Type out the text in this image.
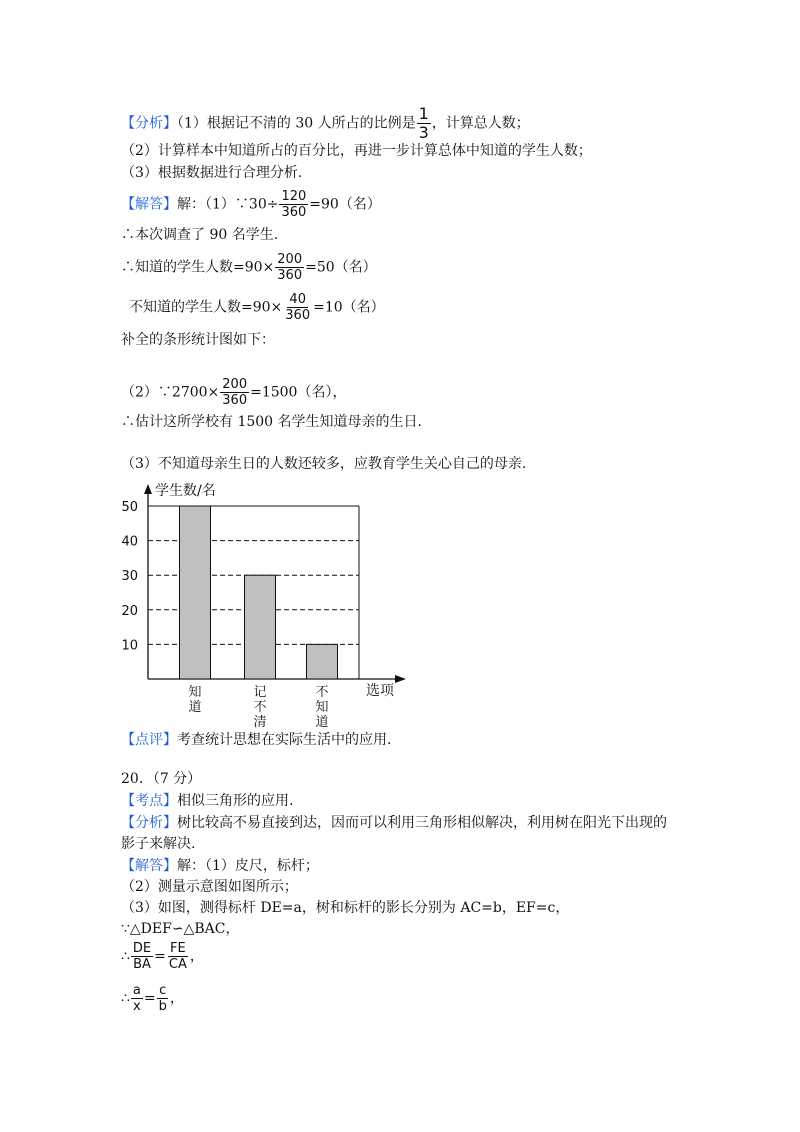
【分析】（1）根据记不清的 30 人所占的比例是 $\frac{1}{3}$ ，计算总人数；
（2）计算样本中知道所占的百分比，再进一步计算总体中知道的学生人数；
（3）根据数据进行合理分析.
【解答】解：（1）∵30÷ $\frac{120}{360} =90$（名）
∴本次调查了 90 名学生.
∴知道的学生人数$=90\times \frac{200}{360} =50$（名）
不知道的学生人数$=90\times \frac{40}{360} =10$（名）
补全的条形统计图如下：
（2）∵2700× $\frac{200}{360} =1500$（名），
∴估计这所学校有 1500 名学生知道母亲的生日.
（3）不知道母亲生日的人数还较多，应教育学生关心自己的母亲.
学生数/名
选项
10
20
30
40
50
知
道
记
不
清
不
知
道
【点评】考查统计思想在实际生活中的应用.
20．（7 分）
【考点】相似三角形的应用.
【分析】树比较高不易直接到达，因而可以利用三角形相似解决，利用树在阳光下出现的
影子来解决.
【解答】解：（1）皮尺，标杆；
（2）测量示意图如图所示；
（3）如图，测得标杆 DE=a，树和标杆的影长分别为 AC=b，EF=c，
∵△DEF∽△BAC，
∴ $\frac{DE}{BA} = \frac{FE}{CA}$ ，
∴ $\frac{a}{x} = \frac{c}{b}$ ，
